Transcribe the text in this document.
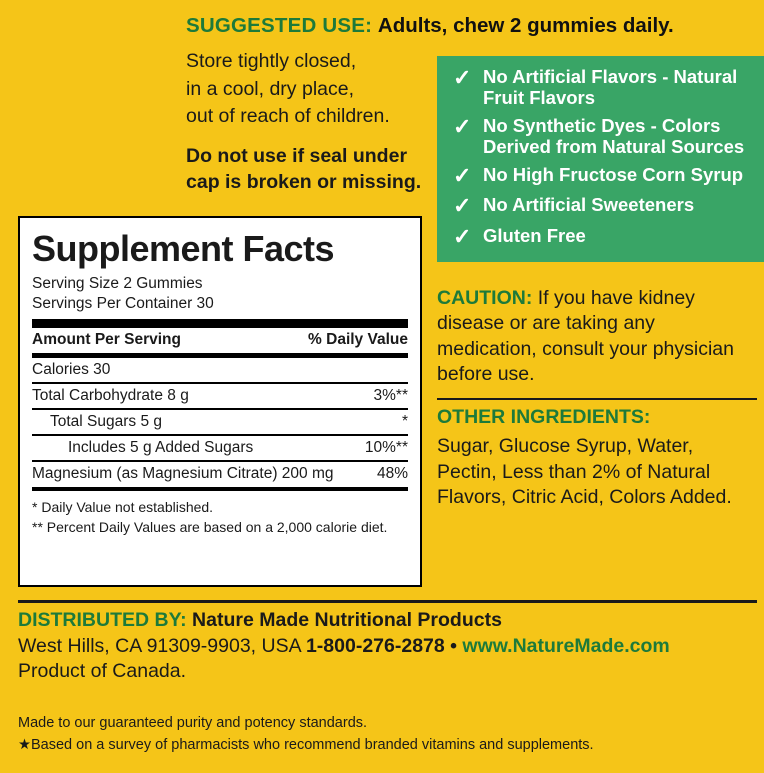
SUGGESTED USE: Adults, chew 2 gummies daily.
Store tightly closed,
in a cool, dry place,
out of reach of children.
Do not use if seal under
cap is broken or missing.
✓ No Artificial Flavors - Natural Fruit Flavors
✓ No Synthetic Dyes - Colors Derived from Natural Sources
✓ No High Fructose Corn Syrup
✓ No Artificial Sweeteners
✓ Gluten Free
CAUTION: If you have kidney disease or are taking any medication, consult your physician before use.
OTHER INGREDIENTS:
Sugar, Glucose Syrup, Water, Pectin, Less than 2% of Natural Flavors, Citric Acid, Colors Added.
Supplement Facts
Serving Size 2 Gummies
Servings Per Container 30
Amount Per Serving	% Daily Value
Calories 30
Total Carbohydrate 8 g	3%**
Total Sugars 5 g	*
Includes 5 g Added Sugars	10%**
Magnesium (as Magnesium Citrate) 200 mg	48%
* Daily Value not established.
** Percent Daily Values are based on a 2,000 calorie diet.
DISTRIBUTED BY: Nature Made Nutritional Products
West Hills, CA 91309-9903, USA 1-800-276-2878 • www.NatureMade.com
Product of Canada.
Made to our guaranteed purity and potency standards.
★Based on a survey of pharmacists who recommend branded vitamins and supplements.
